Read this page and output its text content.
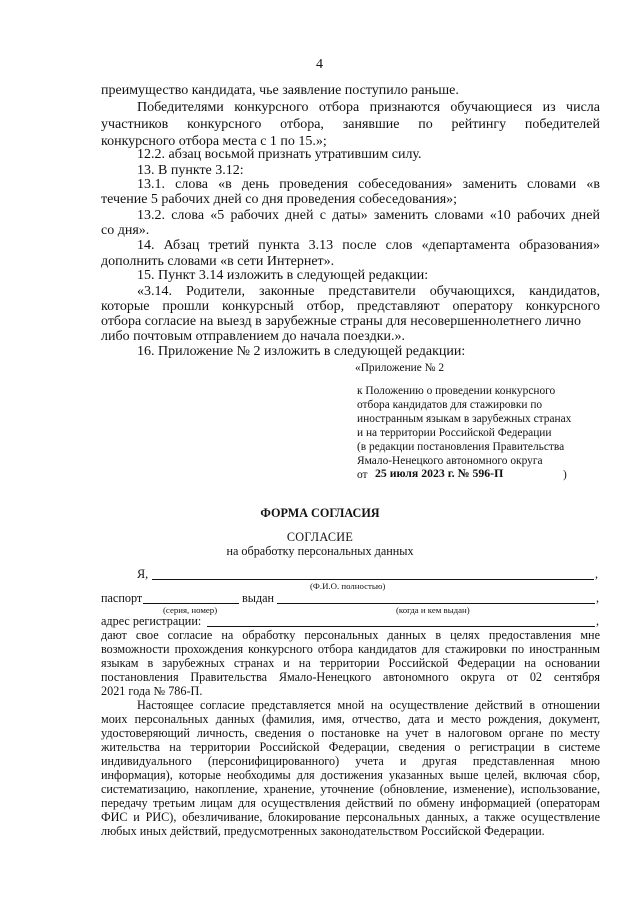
4
преимущество кандидата, чье заявление поступило раньше.
Победителями конкурсного отбора признаются обучающиеся из числа
участников конкурсного отбора, занявшие по рейтингу победителей
конкурсного отбора места с 1 по 15.»;
12.2. абзац восьмой признать утратившим силу.
13. В пункте 3.12:
13.1. слова «в день проведения собеседования» заменить словами «в
течение 5 рабочих дней со дня проведения собеседования»;
13.2. слова «5 рабочих дней с даты» заменить словами «10 рабочих дней
со дня».
14. Абзац третий пункта 3.13 после слов «департамента образования»
дополнить словами «в сети Интернет».
15. Пункт 3.14 изложить в следующей редакции:
«3.14. Родители, законные представители обучающихся, кандидатов,
которые прошли конкурсный отбор, представляют оператору конкурсного
отбора согласие на выезд в зарубежные страны для несовершеннолетнего лично
либо почтовым отправлением до начала поездки.».
16. Приложение № 2 изложить в следующей редакции:
«Приложение № 2
к Положению о проведении конкурсного
отбора кандидатов для стажировки по
иностранным языкам в зарубежных странах
и на территории Российской Федерации
(в редакции постановления Правительства
Ямало-Ненецкого автономного округа
от 25 июля 2023 г. № 596-П	)
ФОРМА СОГЛАСИЯ
СОГЛАСИЕ
на обработку персональных данных
Я,	,
(Ф.И.О. полностью)
паспорт	выдан	,
(серия, номер)	(когда и кем выдан)
адрес регистрации:	,
дают свое согласие на обработку персональных данных в целях предоставления мне
возможности прохождения конкурсного отбора кандидатов для стажировки по иностранным
языкам в зарубежных странах и на территории Российской Федерации на основании
постановления Правительства Ямало-Ненецкого автономного округа от 02 сентября
2021 года № 786-П.
Настоящее согласие представляется мной на осуществление действий в отношении
моих персональных данных (фамилия, имя, отчество, дата и место рождения, документ,
удостоверяющий личность, сведения о постановке на учет в налоговом органе по месту
жительства на территории Российской Федерации, сведения о регистрации в системе
индивидуального (персонифицированного) учета и другая представленная мною
информация), которые необходимы для достижения указанных выше целей, включая сбор,
систематизацию, накопление, хранение, уточнение (обновление, изменение), использование,
передачу третьим лицам для осуществления действий по обмену информацией (операторам
ФИС и РИС), обезличивание, блокирование персональных данных, а также осуществление
любых иных действий, предусмотренных законодательством Российской Федерации.
